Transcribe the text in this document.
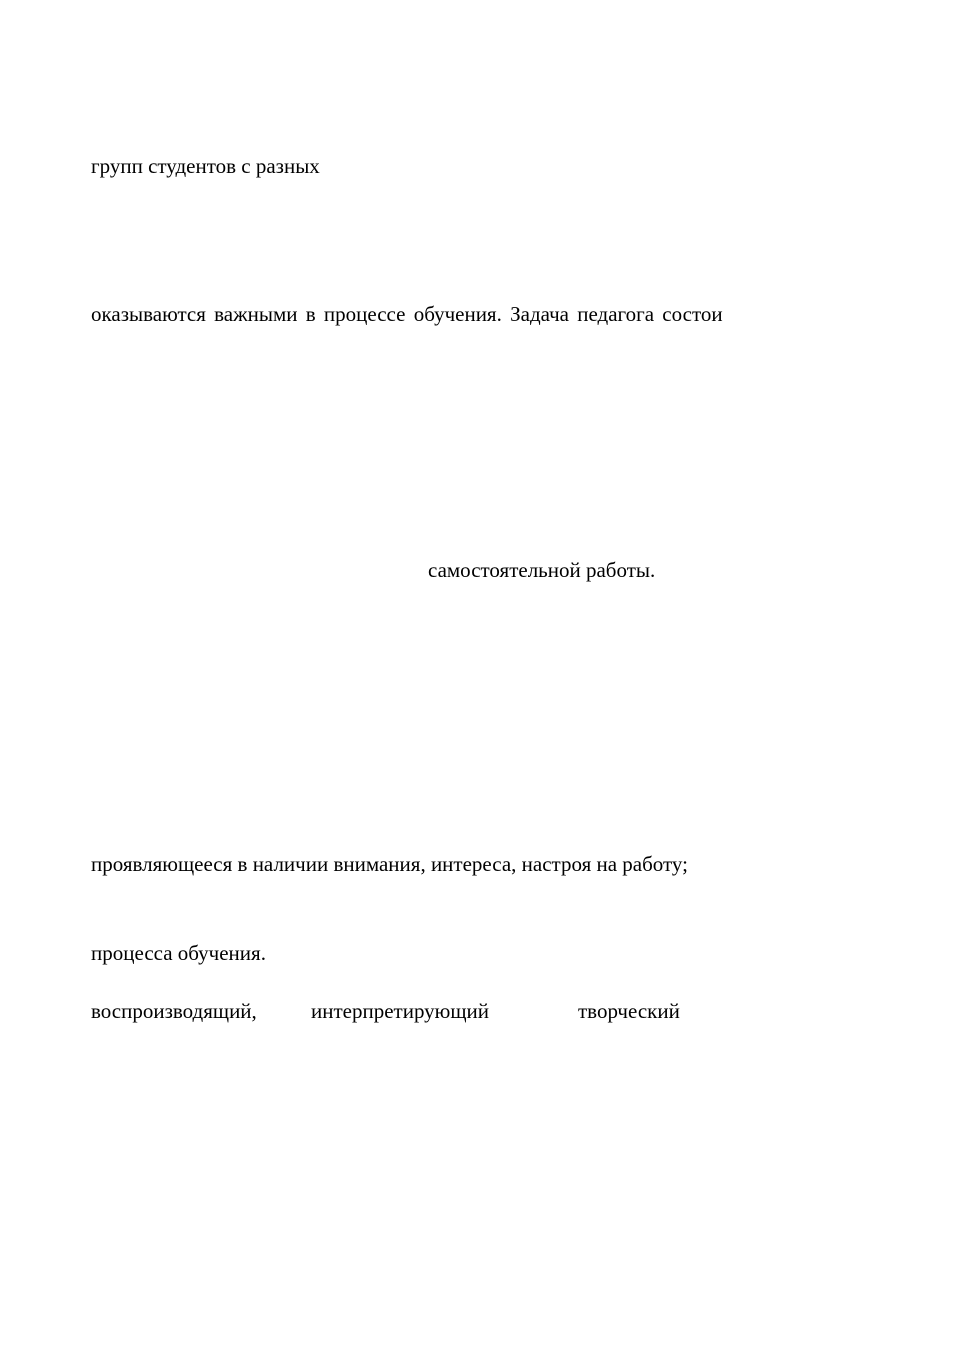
групп студентов с разных
оказываются важными в процессе обучения. Задача педагога состои
самостоятельной работы.
проявляющееся в наличии внимания, интереса, настроя на работу;
процесса обучения.
воспроизводящий,	интерпретирующий	творческий
